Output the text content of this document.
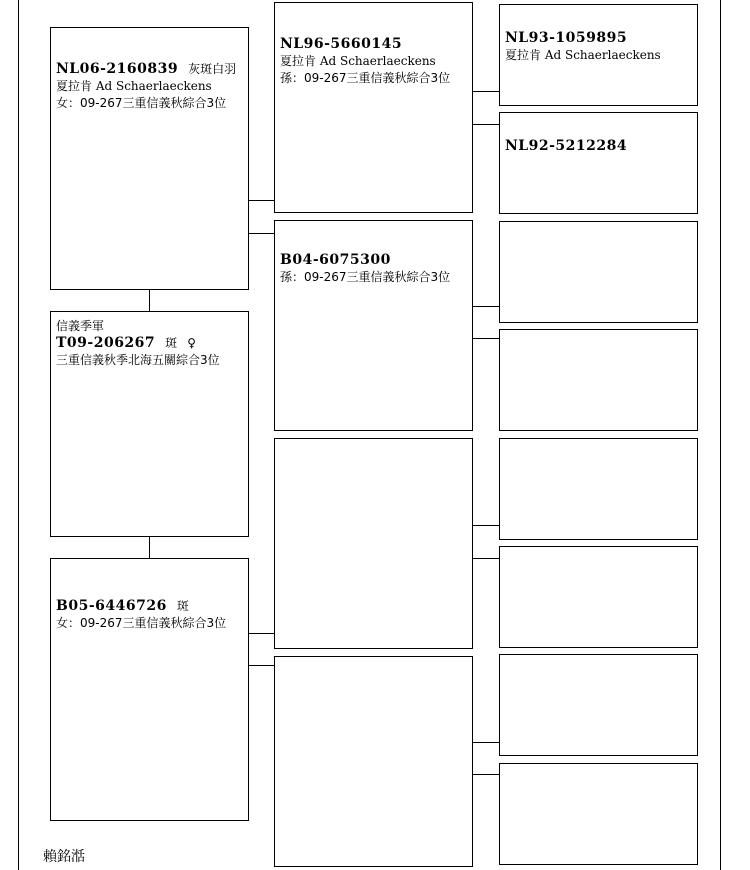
NL06-2160839 灰斑白羽
夏拉肯 Ad Schaerlaeckens
女：09-267三重信義秋綜合3位
信義季軍
T09-206267 斑 ♀
三重信義秋季北海五關綜合3位
B05-6446726 斑
女：09-267三重信義秋綜合3位
NL96-5660145
夏拉肯 Ad Schaerlaeckens
孫：09-267三重信義秋綜合3位
B04-6075300
孫：09-267三重信義秋綜合3位
NL93-1059895
夏拉肯 Ad Schaerlaeckens
NL92-5212284
賴銘湉
